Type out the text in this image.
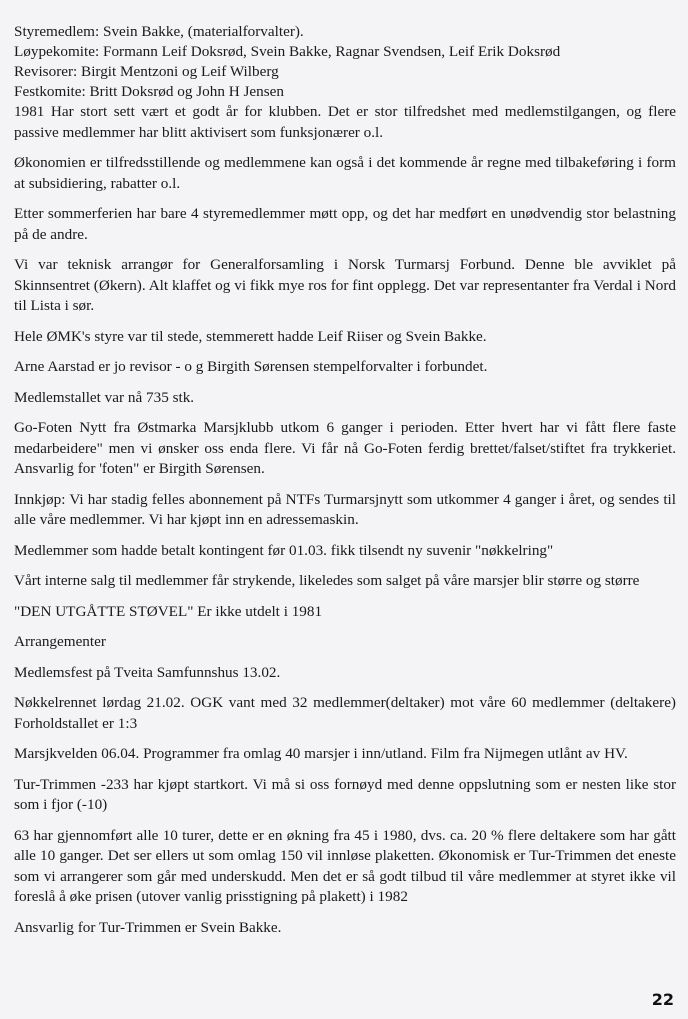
Styremedlem: Svein Bakke, (materialforvalter).

Løypekomite: Formann Leif Doksrød, Svein Bakke, Ragnar Svendsen, Leif Erik Doksrød

Revisorer: Birgit Mentzoni og Leif Wilberg

Festkomite: Britt Doksrød og John H Jensen

1981 Har stort sett vært et godt år for klubben. Det er stor tilfredshet med medlemstilgangen, og flere passive medlemmer har blitt aktivisert som funksjonærer o.l.

Økonomien er tilfredsstillende og medlemmene kan også i det kommende år regne med tilbakeføring i form at subsidiering, rabatter o.l.

Etter sommerferien har bare 4 styremedlemmer møtt opp, og det har medført en unødvendig stor belastning på de andre.

Vi var teknisk arrangør for Generalforsamling i Norsk Turmarsj Forbund. Denne ble avviklet på Skinnsentret (Økern). Alt klaffet og vi fikk mye ros for fint opplegg. Det var representanter fra Verdal i Nord til Lista i sør.

Hele ØMK's styre var til stede, stemmerett hadde Leif Riiser og Svein Bakke.

Arne Aarstad er jo revisor - o g Birgith Sørensen stempelforvalter i forbundet.

Medlemstallet var nå 735 stk.

Go-Foten Nytt fra Østmarka Marsjklubb utkom 6 ganger i perioden. Etter hvert har vi fått flere faste medarbeidere" men vi ønsker oss enda flere. Vi får nå Go-Foten ferdig brettet/falset/stiftet fra trykkeriet. Ansvarlig for 'foten" er Birgith Sørensen.

Innkjøp: Vi har stadig felles abonnement på NTFs Turmarsjnytt som utkommer 4 ganger i året, og sendes til alle våre medlemmer. Vi har kjøpt inn en adressemaskin.

Medlemmer som hadde betalt kontingent før 01.03. fikk tilsendt ny suvenir "nøkkelring"

Vårt interne salg til medlemmer får strykende, likeledes som salget på våre marsjer blir større og større

"DEN UTGÅTTE STØVEL" Er ikke utdelt i 1981

Arrangementer

Medlemsfest på Tveita Samfunnshus 13.02.

Nøkkelrennet lørdag 21.02. OGK vant med 32 medlemmer(deltaker) mot våre 60 medlemmer (deltakere) Forholdstallet er 1:3

Marsjkvelden 06.04. Programmer fra omlag 40 marsjer i inn/utland. Film fra Nijmegen utlånt av HV.

Tur-Trimmen -233 har kjøpt startkort. Vi må si oss fornøyd med denne oppslutning som er nesten like stor som i fjor (-10)

63 har gjennomført alle 10 turer, dette er en økning fra 45 i 1980, dvs. ca. 20 % flere deltakere som har gått alle 10 ganger. Det ser ellers ut som omlag 150 vil innløse plaketten. Økonomisk er Tur-Trimmen det eneste som vi arrangerer som går med underskudd. Men det er så godt tilbud til våre medlemmer at styret ikke vil foreslå å øke prisen (utover vanlig prisstigning på plakett) i 1982

Ansvarlig for Tur-Trimmen er Svein Bakke.

22
